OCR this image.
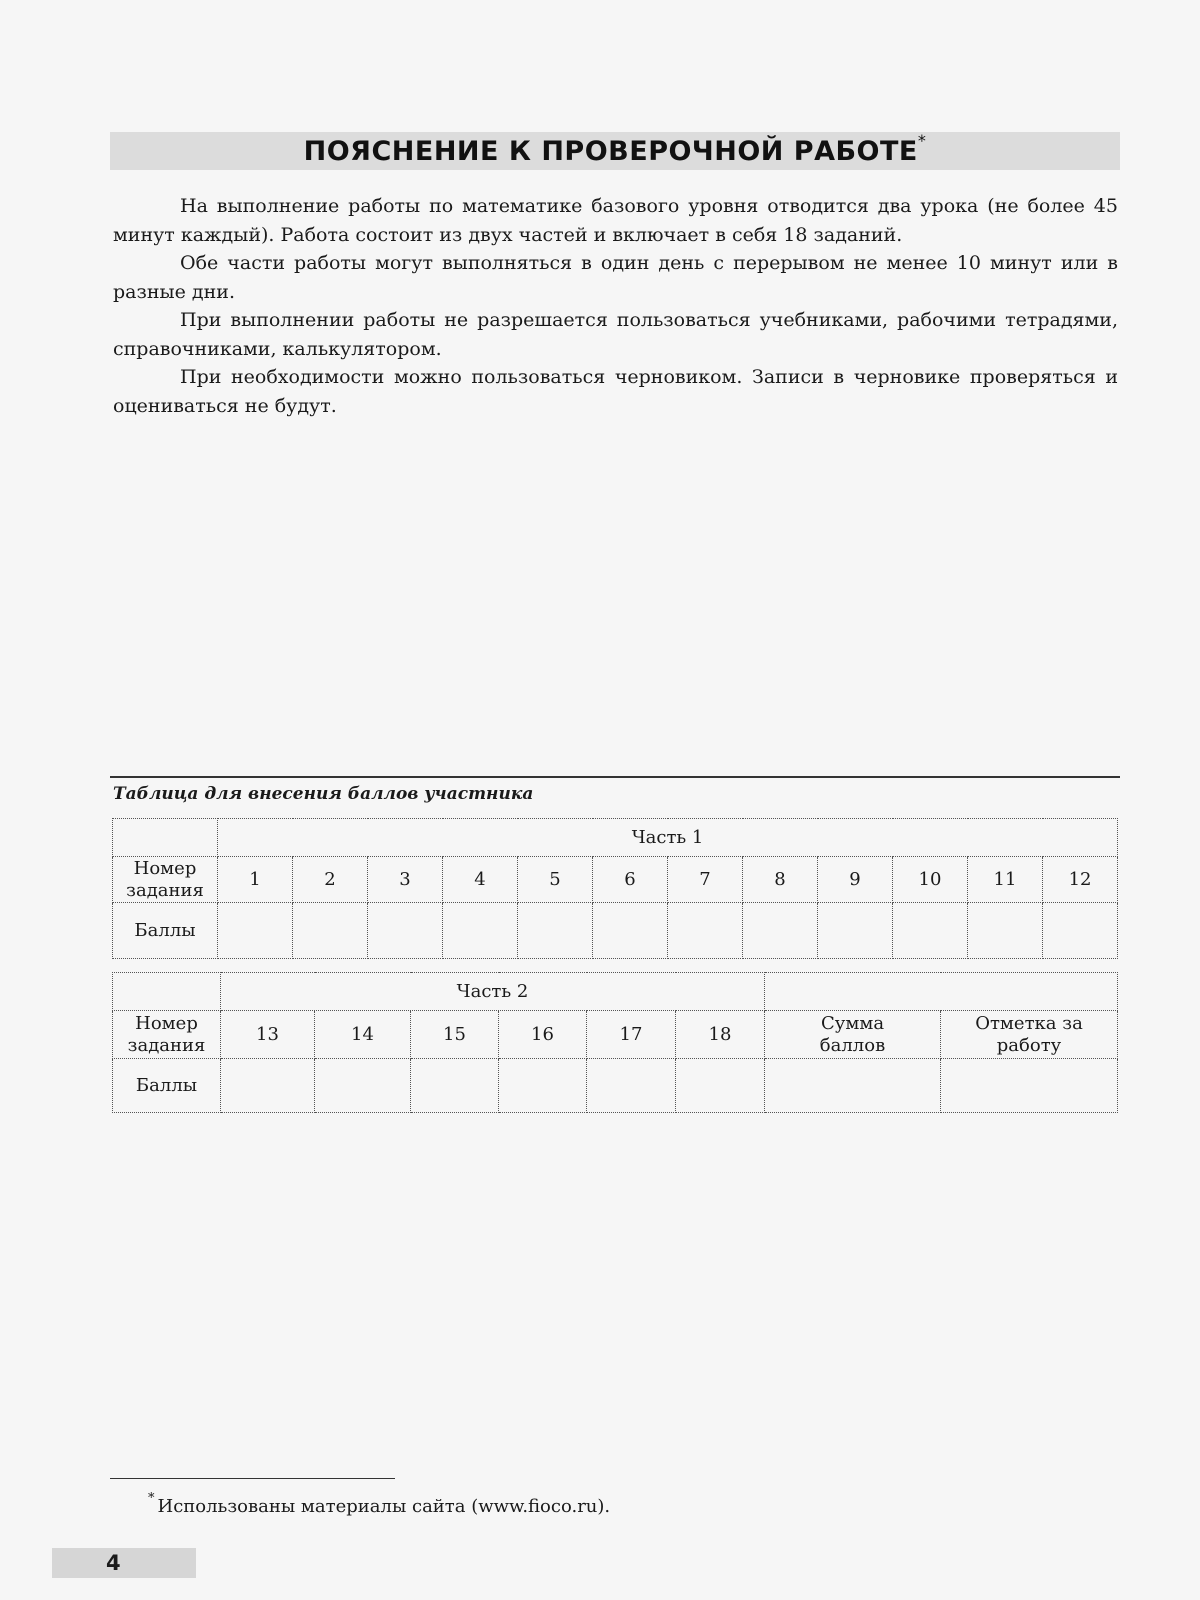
ПОЯСНЕНИЕ К ПРОВЕРОЧНОЙ РАБОТЕ*

На выполнение работы по математике базового уровня отводится два урока (не более 45 минут каждый). Работа состоит из двух частей и включает в себя 18 заданий.

Обе части работы могут выполняться в один день с перерывом не менее 10 минут или в разные дни.

При выполнении работы не разрешается пользоваться учебниками, рабочими тетрадями, справочниками, калькулятором.

При необходимости можно пользоваться черновиком. Записи в черновике проверяться и оцениваться не будут.

Таблица для внесения баллов участника
	Часть 1											
Номер задания	1	2	3	4	5	6	7	8	9	10	11	12
Баллы												
	Часть 2							
Номер задания	13	14	15	16	17	18	Сумма баллов	Отметка за работу
Баллы								
* Использованы материалы сайта (www.fioco.ru).
4
